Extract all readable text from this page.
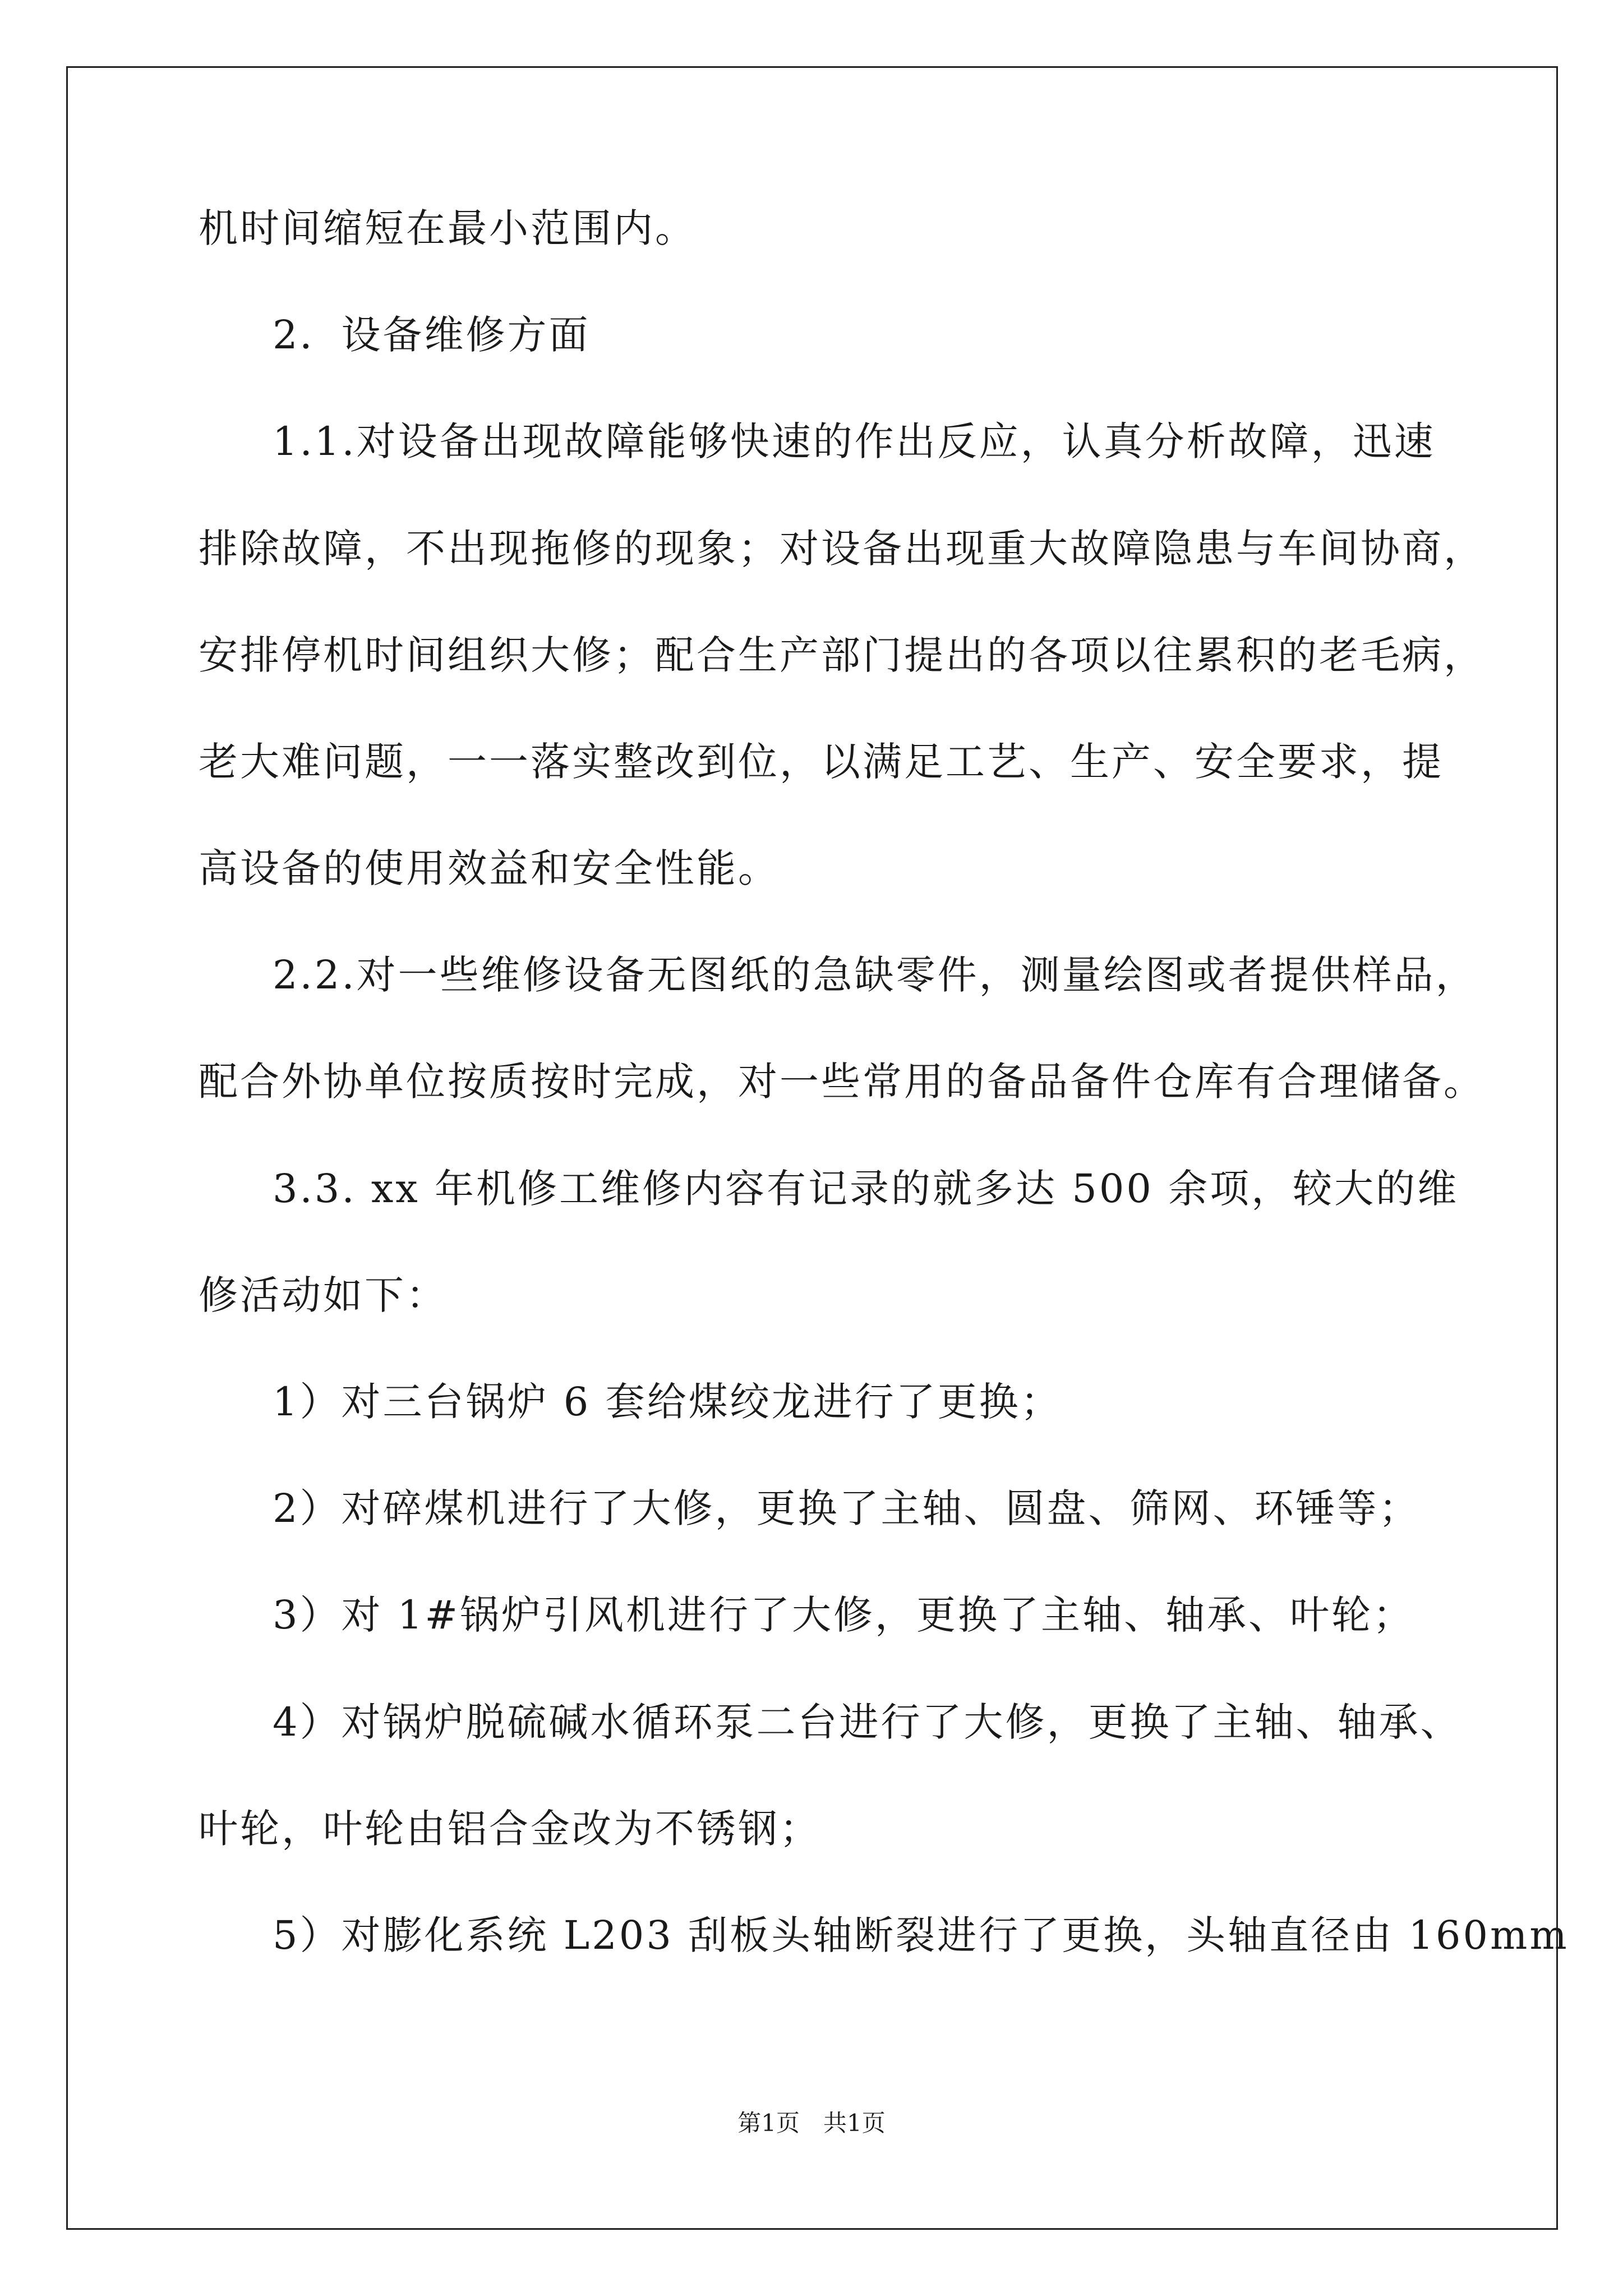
机时间缩短在最小范围内。
2．设备维修方面
1.1.对设备出现故障能够快速的作出反应，认真分析故障，迅速
排除故障，不出现拖修的现象；对设备出现重大故障隐患与车间协商，
安排停机时间组织大修；配合生产部门提出的各项以往累积的老毛病，
老大难问题，一一落实整改到位，以满足工艺、生产、安全要求，提
高设备的使用效益和安全性能。
2.2.对一些维修设备无图纸的急缺零件，测量绘图或者提供样品，
配合外协单位按质按时完成，对一些常用的备品备件仓库有合理储备。
3.3. xx 年机修工维修内容有记录的就多达 500 余项，较大的维
修活动如下：
1）对三台锅炉 6 套给煤绞龙进行了更换；
2）对碎煤机进行了大修，更换了主轴、圆盘、筛网、环锤等；
3）对 1#锅炉引风机进行了大修，更换了主轴、轴承、叶轮；
4）对锅炉脱硫碱水循环泵二台进行了大修，更换了主轴、轴承、
叶轮，叶轮由铝合金改为不锈钢；
5）对膨化系统 L203 刮板头轴断裂进行了更换，头轴直径由 160mm
第1页　共1页
